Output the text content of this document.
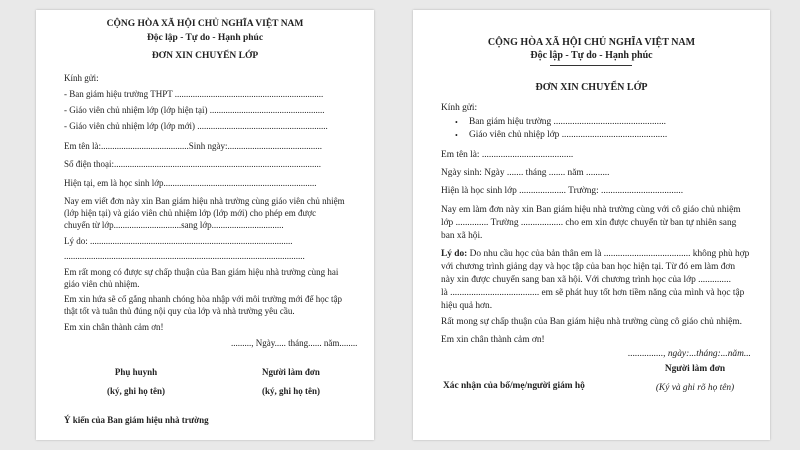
CỘNG HÒA XÃ HỘI CHỦ NGHĨA VIỆT NAM
Độc lập - Tự do - Hạnh phúc
ĐƠN XIN CHUYỂN LỚP
Kính gửi:
- Ban giám hiệu trường THPT ..................................................................
- Giáo viên chủ nhiệm lớp (lớp hiện tại) ...................................................
- Giáo viên chủ nhiệm lớp (lớp mới) ..........................................................
Em tên là:.......................................Sinh ngày:..........................................
Số điện thoại:............................................................................................
Hiện tại, em là học sinh lớp....................................................................
Nay em viết đơn này xin Ban giám hiệu nhà trường cùng giáo viên chủ nhiệm
(lớp hiện tại) và giáo viên chủ nhiệm lớp (lớp mới) cho phép em được
chuyển từ lớp..............................sang lớp................................
Lý do: ..........................................................................................
...........................................................................................................
Em rất mong có được sự chấp thuận của Ban giám hiệu nhà trường cùng hai
giáo viên chủ nhiệm.
Em xin hứa sẽ cố gắng nhanh chóng hòa nhập với môi trường mới để học tập
thật tốt và tuân thủ đúng nội quy của lớp và nhà trường yêu cầu.
Em xin chân thành cảm ơn!
........., Ngày..... tháng...... năm........
Phụ huynh
(ký, ghi họ tên)
Người làm đơn
(ký, ghi họ tên)
Ý kiến của Ban giám hiệu nhà trường
CỘNG HÒA XÃ HỘI CHỦ NGHĨA VIỆT NAM
Độc lập - Tự do - Hạnh phúc
ĐƠN XIN CHUYỂN LỚP
Kính gửi:
• Ban giám hiệu trường ................................................
• Giáo viên chủ nhiệp lớp .............................................
Em tên là: .......................................
Ngày sinh: Ngày ....... tháng ....... năm ..........
Hiện là học sinh lớp .................... Trường: ...................................
Nay em làm đơn này xin Ban giám hiệu nhà trường cùng với cô giáo chủ nhiệm
lớp .............. Trường .................. cho em xin được chuyển từ ban tự nhiên sang
ban xã hội.
Lý do: Do nhu cầu học của bản thân em là ..................................... không phù hợp
với chương trình giảng dạy và học tập của ban học hiện tại. Từ đó em làm đơn
này xin được chuyển sang ban xã hội. Với chương trình học của lớp ..............
là ...................................... em sẽ phát huy tốt hơn tiềm năng của mình và học tập
hiệu quả hơn.
Rất mong sự chấp thuận của Ban giám hiệu nhà trường cùng cô giáo chủ nhiệm.
Em xin chân thành cảm ơn!
..............., ngày:...tháng:...năm...
Xác nhận của bố/mẹ/người giám hộ
Người làm đơn
(Ký và ghi rõ họ tên)
